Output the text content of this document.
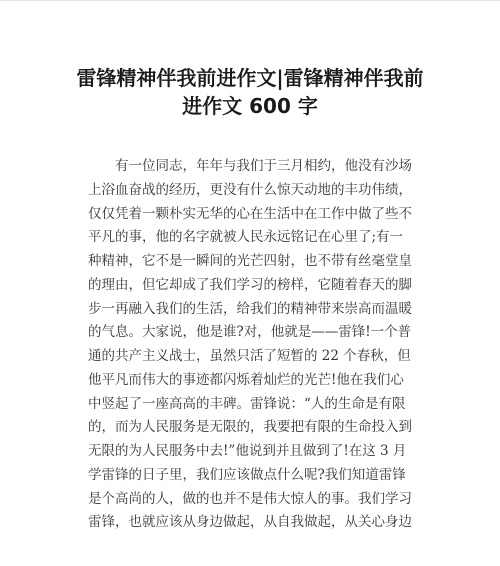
雷锋精神伴我前进作文|雷锋精神伴我前
进作文 600 字
　　有一位同志，年年与我们于三月相约，他没有沙场
上浴血奋战的经历，更没有什么惊天动地的丰功伟绩，
仅仅凭着一颗朴实无华的心在生活中在工作中做了些不
平凡的事，他的名字就被人民永远铭记在心里了;有一
种精神，它不是一瞬间的光芒四射，也不带有丝毫堂皇
的理由，但它却成了我们学习的榜样，它随着春天的脚
步一再融入我们的生活，给我们的精神带来崇高而温暖
的气息。大家说，他是谁?对，他就是——雷锋!一个普
通的共产主义战士，虽然只活了短暂的 22 个春秋，但
他平凡而伟大的事迹都闪烁着灿烂的光芒!他在我们心
中竖起了一座高高的丰碑。雷锋说：“人的生命是有限
的，而为人民服务是无限的，我要把有限的生命投入到
无限的为人民服务中去!”他说到并且做到了!在这 3 月
学雷锋的日子里，我们应该做点什么呢?我们知道雷锋
是个高尚的人，做的也并不是伟大惊人的事。我们学习
雷锋，也就应该从身边做起，从自我做起，从关心身边
